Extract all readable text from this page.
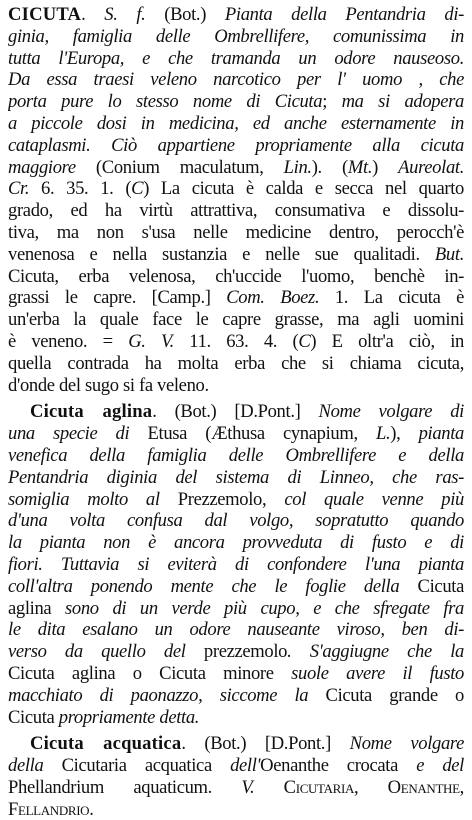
CICUTA. S. f. (Bot.) Pianta della Pentandria di-
ginia, famiglia delle Ombrellifere, comunissima in
tutta l'Europa, e che tramanda un odore nauseoso.
Da essa traesi veleno narcotico per l' uomo , che
porta pure lo stesso nome di Cicuta; ma si adopera
a piccole dosi in medicina, ed anche esternamente in
cataplasmi. Ciò appartiene propriamente alla cicuta
maggiore (Conium maculatum, Lin.). (Mt.) Aureolat.
Cr. 6. 35. 1. (C) La cicuta è calda e secca nel quarto
grado, ed ha virtù attrattiva, consumativa e dissolu-
tiva, ma non s'usa nelle medicine dentro, perocch'è
venenosa e nella sustanzia e nelle sue qualitadi. But.
Cicuta, erba velenosa, ch'uccide l'uomo, benchè in-
grassi le capre. [Camp.] Com. Boez. 1. La cicuta è
un'erba la quale face le capre grasse, ma agli uomini
è veneno. = G. V. 11. 63. 4. (C) E oltr'a ciò, in
quella contrada ha molta erba che si chiama cicuta,
d'onde del sugo si fa veleno.
Cicuta aglina. (Bot.) [D.Pont.] Nome volgare di
una specie di Etusa (Æthusa cynapium, L.), pianta
venefica della famiglia delle Ombrellifere e della
Pentandria diginia del sistema di Linneo, che ras-
somiglia molto al Prezzemolo, col quale venne più
d'una volta confusa dal volgo, sopratutto quando
la pianta non è ancora provveduta di fusto e di
fiori. Tuttavia si eviterà di confondere l'una pianta
coll'altra ponendo mente che le foglie della Cicuta
aglina sono di un verde più cupo, e che sfregate fra
le dita esalano un odore nauseante viroso, ben di-
verso da quello del prezzemolo. S'aggiugne che la
Cicuta aglina o Cicuta minore suole avere il fusto
macchiato di paonazzo, siccome la Cicuta grande o
Cicuta propriamente detta.
Cicuta acquatica. (Bot.) [D.Pont.] Nome volgare
della Cicutaria acquatica dell'Oenanthe crocata e del
Phellandrium aquaticum. V. Cicutaria, Oenanthe,
Fellandrio.
